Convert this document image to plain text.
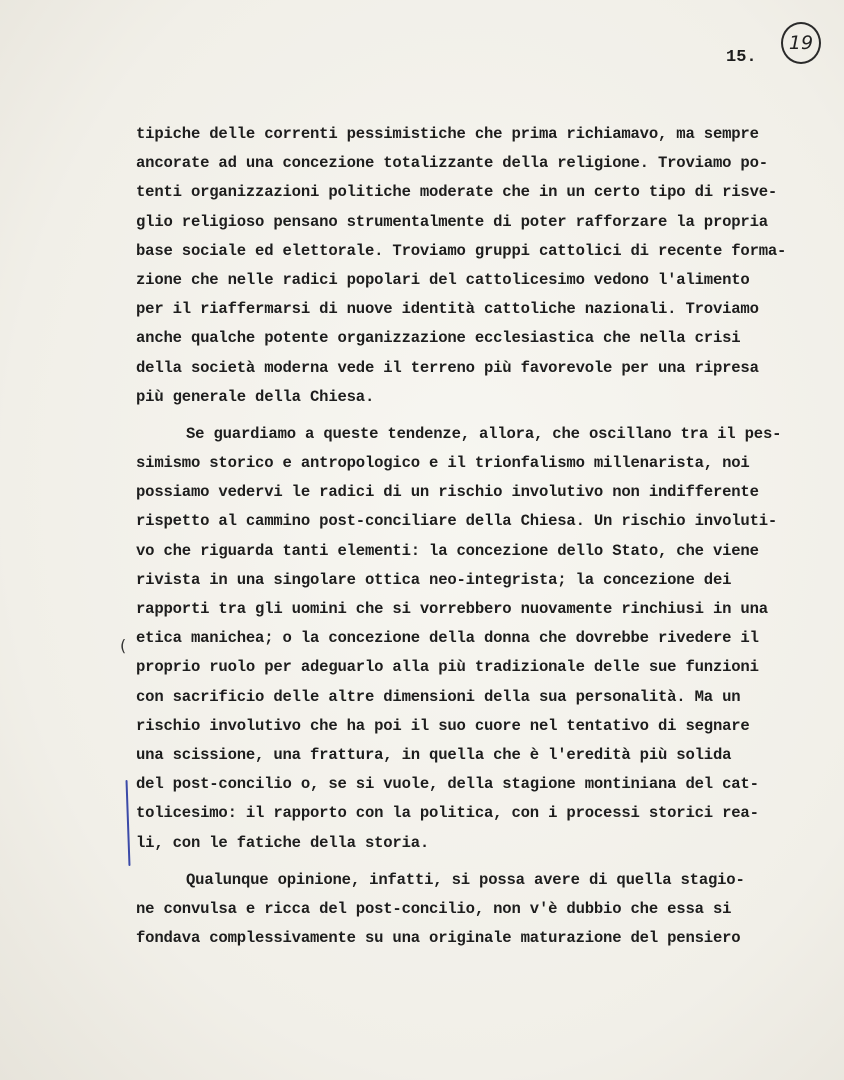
15.
19
(
tipiche delle correnti pessimistiche che prima richiamavo, ma sempre
ancorate ad una concezione totalizzante della religione. Troviamo po-
tenti organizzazioni politiche moderate che in un certo tipo di risve-
glio religioso pensano strumentalmente di poter rafforzare la propria
base sociale ed elettorale. Troviamo gruppi cattolici di recente forma-
zione che nelle radici popolari del cattolicesimo vedono l'alimento
per il riaffermarsi di nuove identità cattoliche nazionali. Troviamo
anche qualche potente organizzazione ecclesiastica che nella crisi
della società moderna vede il terreno più favorevole per una ripresa
più generale della Chiesa.
Se guardiamo a queste tendenze, allora, che oscillano tra il pes-
simismo storico e antropologico e il trionfalismo millenarista, noi
possiamo vedervi le radici di un rischio involutivo non indifferente
rispetto al cammino post-conciliare della Chiesa. Un rischio involuti-
vo che riguarda tanti elementi: la concezione dello Stato, che viene
rivista in una singolare ottica neo-integrista; la concezione dei
rapporti tra gli uomini che si vorrebbero nuovamente rinchiusi in una
etica manichea; o la concezione della donna che dovrebbe rivedere il
proprio ruolo per adeguarlo alla più tradizionale delle sue funzioni
con sacrificio delle altre dimensioni della sua personalità. Ma un
rischio involutivo che ha poi il suo cuore nel tentativo di segnare
una scissione, una frattura, in quella che è l'eredità più solida
del post-concilio o, se si vuole, della stagione montiniana del cat-
tolicesimo: il rapporto con la politica, con i processi storici rea-
li, con le fatiche della storia.
Qualunque opinione, infatti, si possa avere di quella stagio-
ne convulsa e ricca del post-concilio, non v'è dubbio che essa si
fondava complessivamente su una originale maturazione del pensiero
